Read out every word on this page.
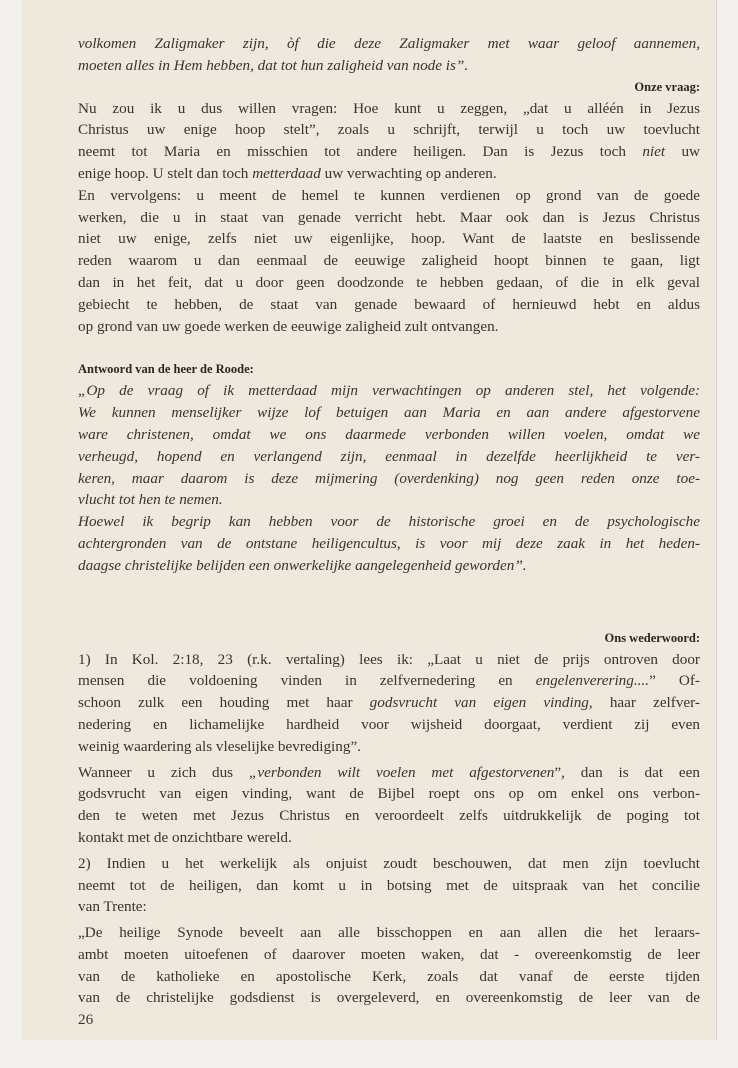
volkomen Zaligmaker zijn, òf die deze Zaligmaker met waar geloof aannemen,
moeten alles in Hem hebben, dat tot hun zaligheid van node is”.
Onze vraag:
Nu zou ik u dus willen vragen: Hoe kunt u zeggen, „dat u alléén in Jezus
Christus uw enige hoop stelt”, zoals u schrijft, terwijl u toch uw toevlucht
neemt tot Maria en misschien tot andere heiligen. Dan is Jezus toch niet uw
enige hoop. U stelt dan toch metterdaad uw verwachting op anderen.
En vervolgens: u meent de hemel te kunnen verdienen op grond van de goede
werken, die u in staat van genade verricht hebt. Maar ook dan is Jezus Christus
niet uw enige, zelfs niet uw eigenlijke, hoop. Want de laatste en beslissende
reden waarom u dan eenmaal de eeuwige zaligheid hoopt binnen te gaan, ligt
dan in het feit, dat u door geen doodzonde te hebben gedaan, of die in elk geval
gebiecht te hebben, de staat van genade bewaard of hernieuwd hebt en aldus
op grond van uw goede werken de eeuwige zaligheid zult ontvangen.
Antwoord van de heer de Roode:
„Op de vraag of ik metterdaad mijn verwachtingen op anderen stel, het volgende:
We kunnen menselijker wijze lof betuigen aan Maria en aan andere afgestorvene
ware christenen, omdat we ons daarmede verbonden willen voelen, omdat we
verheugd, hopend en verlangend zijn, eenmaal in dezelfde heerlijkheid te ver-
keren, maar daarom is deze mijmering (overdenking) nog geen reden onze toe-
vlucht tot hen te nemen.
Hoewel ik begrip kan hebben voor de historische groei en de psychologische
achtergronden van de ontstane heiligencultus, is voor mij deze zaak in het heden-
daagse christelijke belijden een onwerkelijke aangelegenheid geworden”.
Ons wederwoord:
1) In Kol. 2:18, 23 (r.k. vertaling) lees ik: „Laat u niet de prijs ontroven door
mensen die voldoening vinden in zelfvernedering en engelenverering....” Of-
schoon zulk een houding met haar godsvrucht van eigen vinding, haar zelfver-
nedering en lichamelijke hardheid voor wijsheid doorgaat, verdient zij even
weinig waardering als vleselijke bevrediging”.
Wanneer u zich dus „verbonden wilt voelen met afgestorvenen”, dan is dat een
godsvrucht van eigen vinding, want de Bijbel roept ons op om enkel ons verbon-
den te weten met Jezus Christus en veroordeelt zelfs uitdrukkelijk de poging tot
kontakt met de onzichtbare wereld.
2) Indien u het werkelijk als onjuist zoudt beschouwen, dat men zijn toevlucht
neemt tot de heiligen, dan komt u in botsing met de uitspraak van het concilie
van Trente:
„De heilige Synode beveelt aan alle bisschoppen en aan allen die het leraars-
ambt moeten uitoefenen of daarover moeten waken, dat - overeenkomstig de leer
van de katholieke en apostolische Kerk, zoals dat vanaf de eerste tijden
van de christelijke godsdienst is overgeleverd, en overeenkomstig de leer van de
26
